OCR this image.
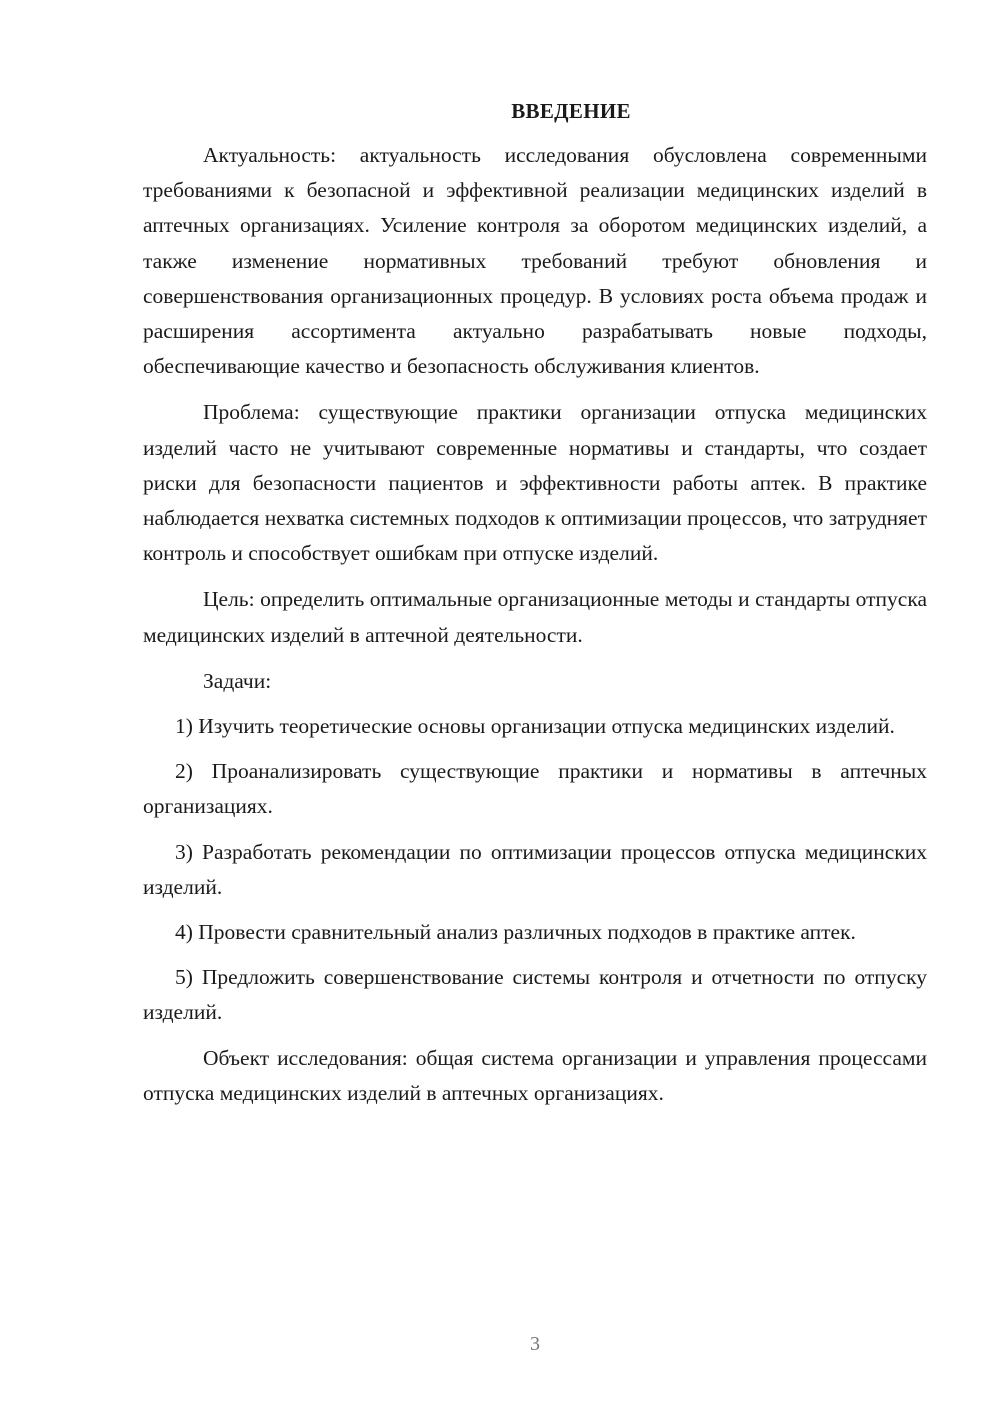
ВВЕДЕНИЕ

Актуальность: актуальность исследования обусловлена современными требованиями к безопасной и эффективной реализации медицинских изделий в аптечных организациях. Усиление контроля за оборотом медицинских изделий, а также изменение нормативных требований требуют обновления и совершенствования организационных процедур. В условиях роста объема продаж и расширения ассортимента актуально разрабатывать новые подходы, обеспечивающие качество и безопасность обслуживания клиентов.

Проблема: существующие практики организации отпуска медицинских изделий часто не учитывают современные нормативы и стандарты, что создает риски для безопасности пациентов и эффективности работы аптек. В практике наблюдается нехватка системных подходов к оптимизации процессов, что затрудняет контроль и способствует ошибкам при отпуске изделий.

Цель: определить оптимальные организационные методы и стандарты отпуска медицинских изделий в аптечной деятельности.

Задачи:

1) Изучить теоретические основы организации отпуска медицинских изделий.

2) Проанализировать существующие практики и нормативы в аптечных организациях.

3) Разработать рекомендации по оптимизации процессов отпуска медицинских изделий.

4) Провести сравнительный анализ различных подходов в практике аптек.

5) Предложить совершенствование системы контроля и отчетности по отпуску изделий.

Объект исследования: общая система организации и управления процессами отпуска медицинских изделий в аптечных организациях.

3
